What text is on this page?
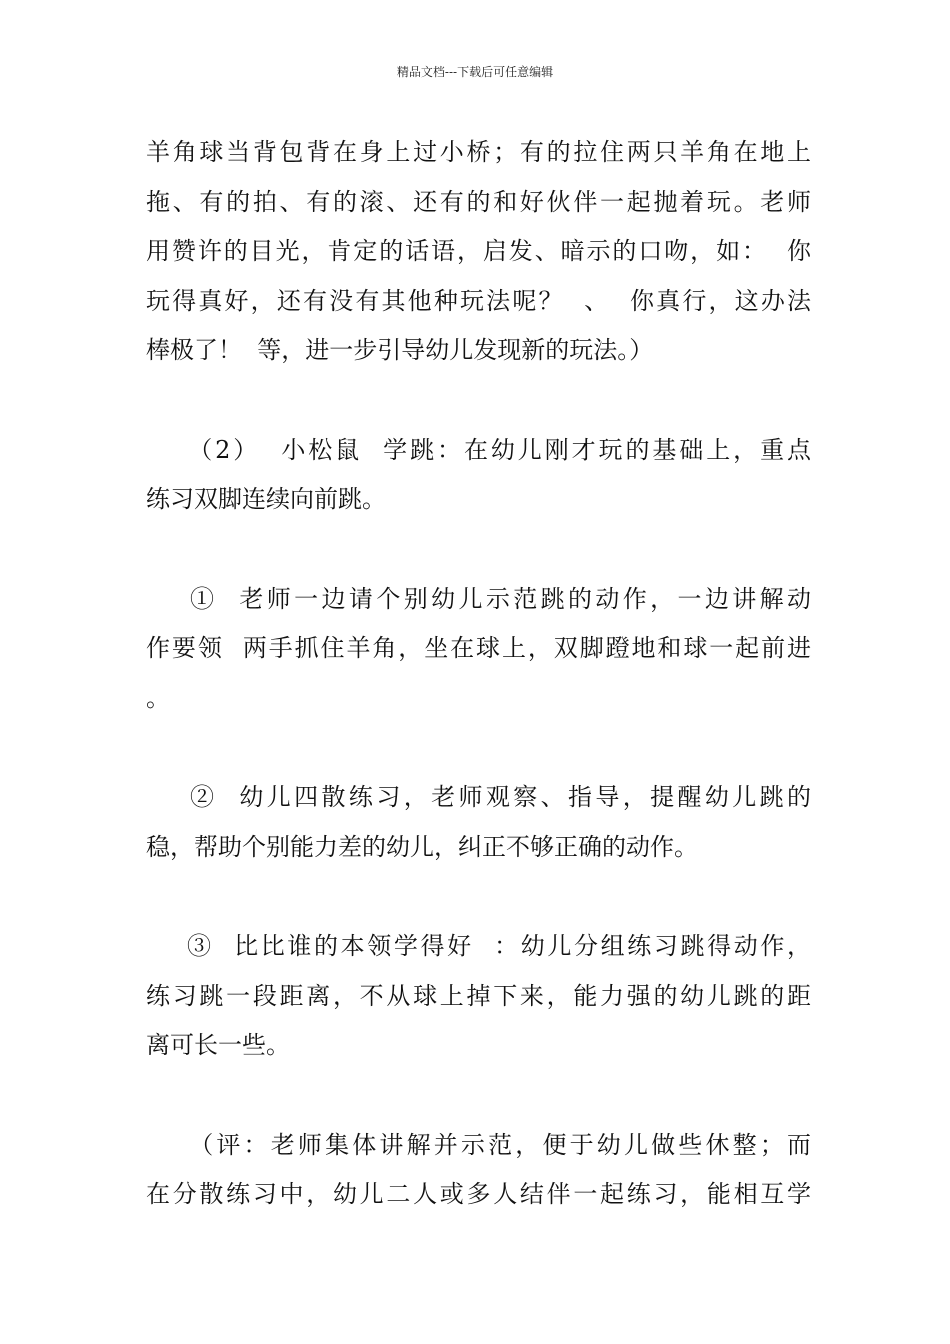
精品文档---下载后可任意编辑
羊角球当背包背在身上过小桥；有的拉住两只羊角在地上
拖、有的拍、有的滚、还有的和好伙伴一起抛着玩。老师
用赞许的目光，肯定的话语，启发、暗示的口吻，如：  你
玩得真好，还有没有其他种玩法呢？  、  你真行，这办法
棒极了！  等，进一步引导幼儿发现新的玩法。）
（2）  小松鼠  学跳：在幼儿刚才玩的基础上，重点
练习双脚连续向前跳。
①  老师一边请个别幼儿示范跳的动作，一边讲解动
作要领  两手抓住羊角，坐在球上，双脚蹬地和球一起前进
。
②  幼儿四散练习，老师观察、指导，提醒幼儿跳的
稳，帮助个别能力差的幼儿，纠正不够正确的动作。
③  比比谁的本领学得好  ：幼儿分组练习跳得动作，
练习跳一段距离，不从球上掉下来，能力强的幼儿跳的距
离可长一些。
（评：老师集体讲解并示范，便于幼儿做些休整；而
在分散练习中，幼儿二人或多人结伴一起练习，能相互学
